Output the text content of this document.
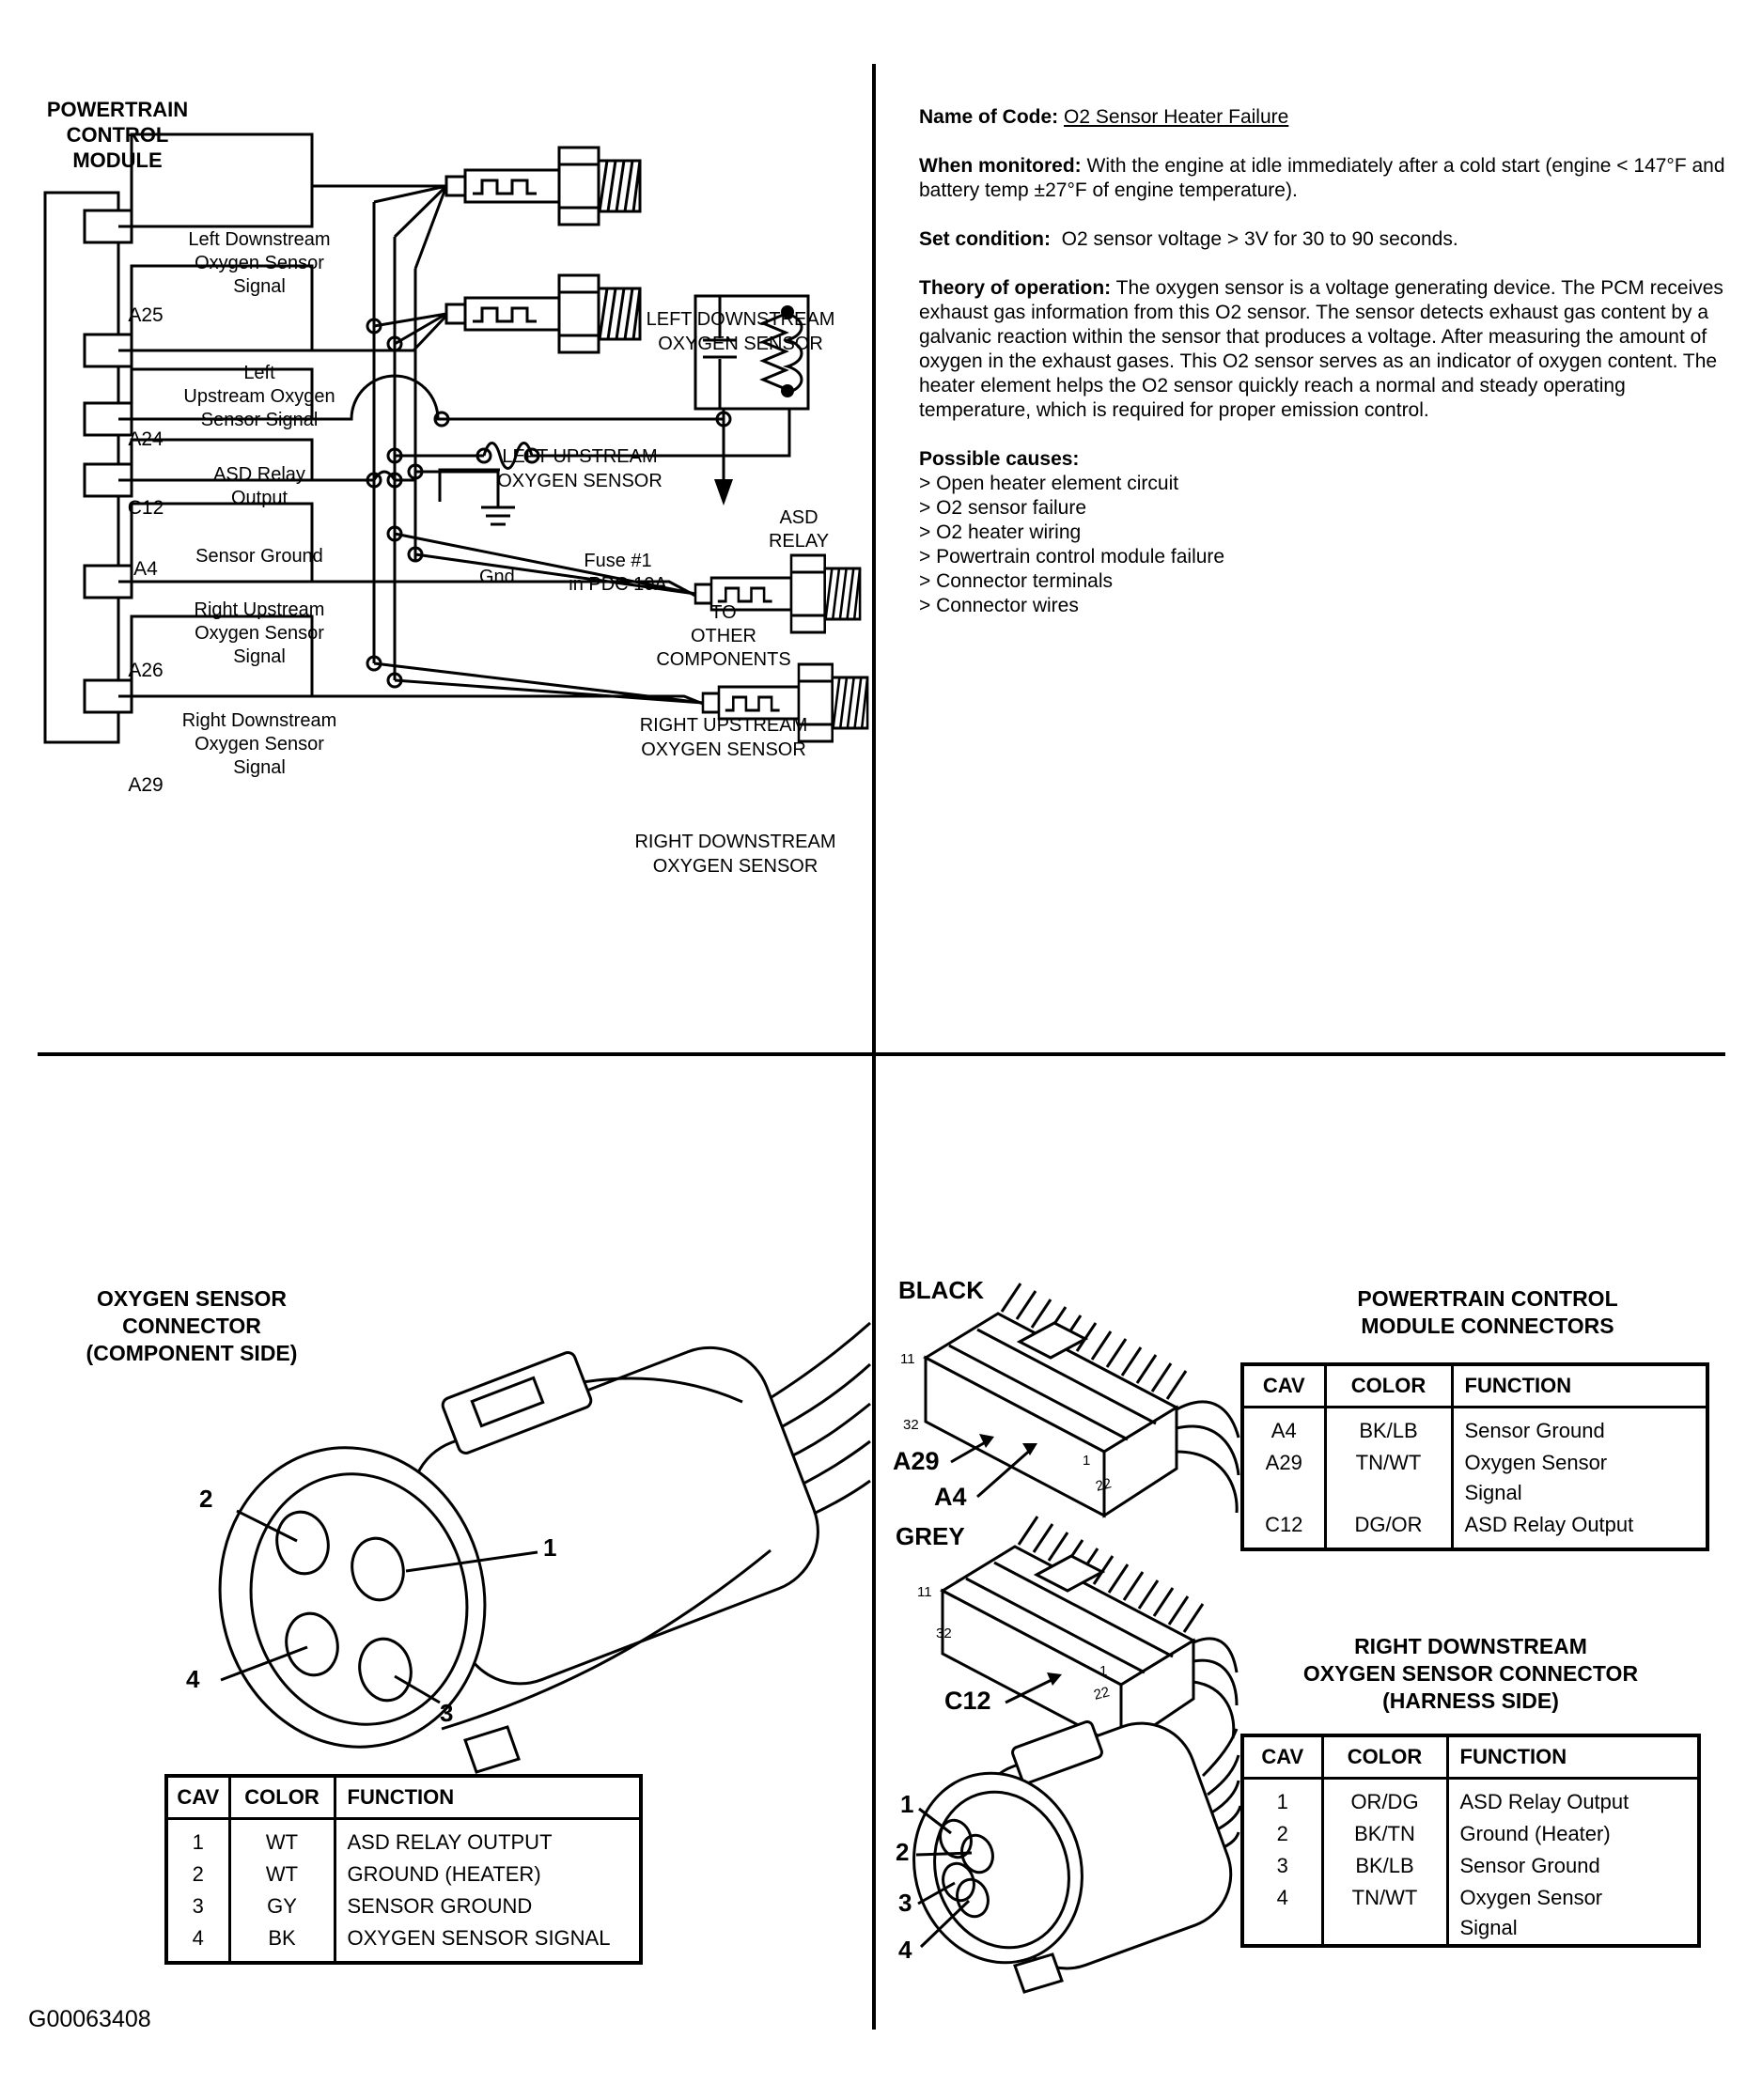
POWERTRAIN
CONTROL
MODULE
A25
A24
C12
A4
A26
A29
Left Downstream
Oxygen Sensor
Signal
Left
Upstream Oxygen
Sensor Signal
ASD Relay
Output
Sensor Ground
Right Upstream
Oxygen Sensor
Signal
Right Downstream
Oxygen Sensor
Signal
LEFT DOWNSTREAM
OXYGEN SENSOR
LEFT UPSTREAM
OXYGEN SENSOR
RIGHT UPSTREAM
OXYGEN SENSOR
RIGHT DOWNSTREAM
OXYGEN SENSOR
ASD
RELAY
Fuse #1
in PDC 10A
Gnd
TO
OTHER
COMPONENTS

Name of Code: O2 Sensor Heater Failure

When monitored: With the engine at idle immediately after a cold start (engine < 147°F and battery temp ±27°F of engine temperature).

Set condition: O2 sensor voltage > 3V for 30 to 90 seconds.

Theory of operation: The oxygen sensor is a voltage generating device. The PCM receives exhaust gas information from this O2 sensor. The sensor detects exhaust gas content by a galvanic reaction within the sensor that produces a voltage. After measuring the amount of oxygen in the exhaust gases. This O2 sensor serves as an indicator of oxygen content. The heater element helps the O2 sensor quickly reach a normal and steady operating temperature, which is required for proper emission control.

Possible causes:
> Open heater element circuit
> O2 sensor failure
> O2 heater wiring
> Powertrain control module failure
> Connector terminals
> Connector wires
OXYGEN SENSOR
CONNECTOR
(COMPONENT SIDE)
2
1
4
3
CAV	COLOR	FUNCTION
1	WT	ASD RELAY OUTPUT
2	WT	GROUND (HEATER)
3	GY	SENSOR GROUND
4	BK	OXYGEN SENSOR SIGNAL
G00063408
BLACK
GREY
11
32
1
22
A29
A4
11
32
1
22
C12
1
2
3
4
POWERTRAIN CONTROL
MODULE CONNECTORS
CAV	COLOR	FUNCTION
A4	BK/LB	Sensor Ground
A29	TN/WT	Oxygen Sensor Signal
C12	DG/OR	ASD Relay Output
RIGHT DOWNSTREAM
OXYGEN SENSOR CONNECTOR
(HARNESS SIDE)
CAV	COLOR	FUNCTION
1	OR/DG	ASD Relay Output
2	BK/TN	Ground (Heater)
3	BK/LB	Sensor Ground
4	TN/WT	Oxygen Sensor Signal
